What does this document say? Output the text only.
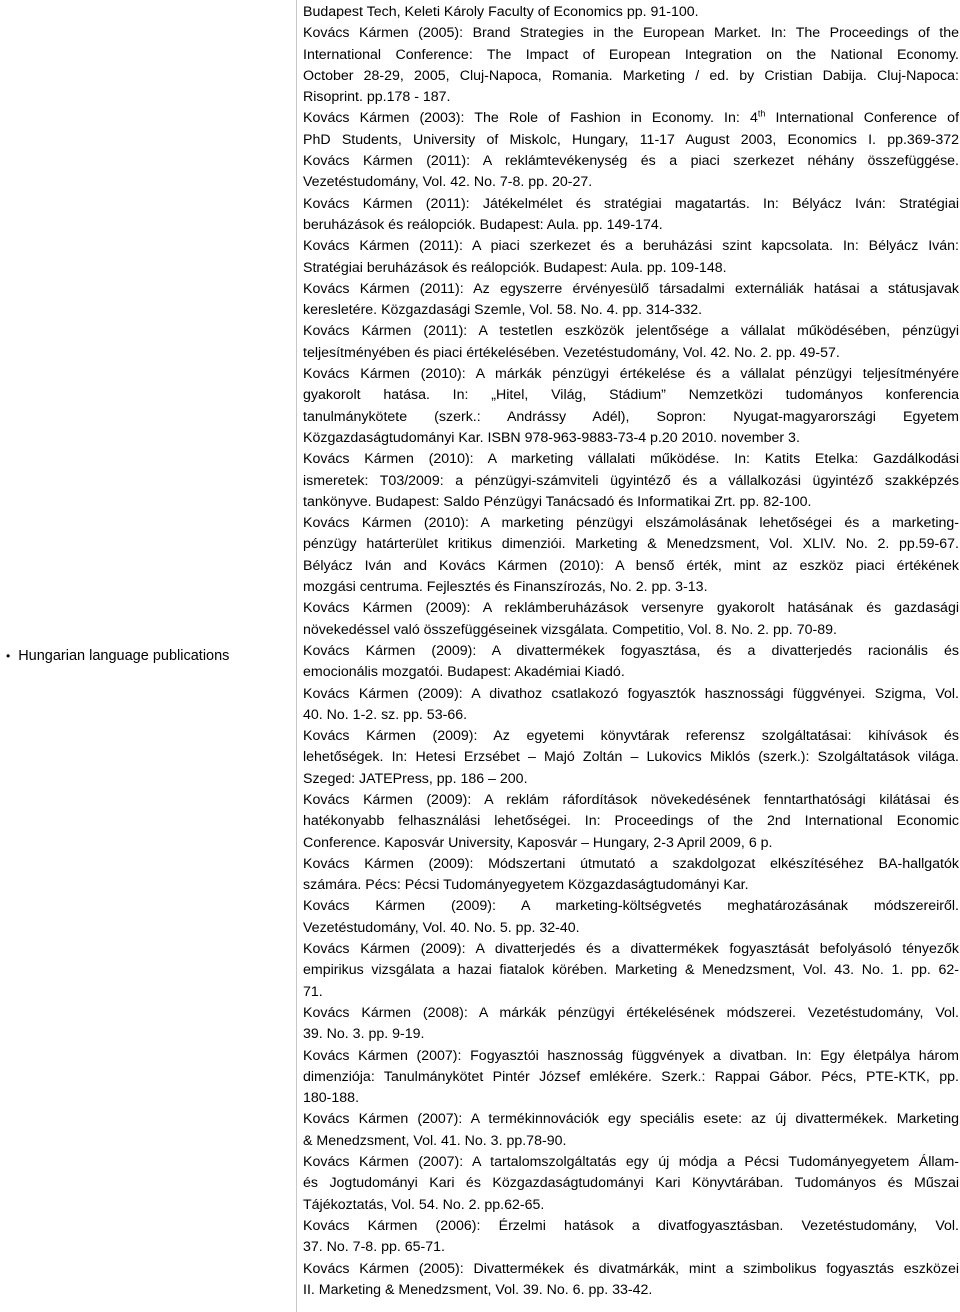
• Hungarian language publications
Budapest Tech, Keleti Károly Faculty of Economics pp. 91-100.
Kovács Kármen (2005): Brand Strategies in the European Market. In: The Proceedings of the
International Conference: The Impact of European Integration on the National Economy.
October 28-29, 2005, Cluj-Napoca, Romania. Marketing / ed. by Cristian Dabija. Cluj-Napoca:
Risoprint. pp.178 - 187.
Kovács Kármen (2003): The Role of Fashion in Economy. In: 4th International Conference of
PhD Students, University of Miskolc, Hungary, 11-17 August 2003, Economics I. pp.369-372
Kovács Kármen (2011): A reklámtevékenység és a piaci szerkezet néhány összefüggése.
Vezetéstudomány, Vol. 42. No. 7-8. pp. 20-27.
Kovács Kármen (2011): Játékelmélet és stratégiai magatartás. In: Bélyácz Iván: Stratégiai
beruházások és reálopciók. Budapest: Aula. pp. 149-174.
Kovács Kármen (2011): A piaci szerkezet és a beruházási szint kapcsolata. In: Bélyácz Iván:
Stratégiai beruházások és reálopciók. Budapest: Aula. pp. 109-148.
Kovács Kármen (2011): Az egyszerre érvényesülő társadalmi externáliák hatásai a státusjavak
keresletére. Közgazdasági Szemle, Vol. 58. No. 4. pp. 314-332.
Kovács Kármen (2011): A testetlen eszközök jelentősége a vállalat működésében, pénzügyi
teljesítményében és piaci értékelésében. Vezetéstudomány, Vol. 42. No. 2. pp. 49-57.
Kovács Kármen (2010): A márkák pénzügyi értékelése és a vállalat pénzügyi teljesítményére
gyakorolt hatása. In: „Hitel, Világ, Stádium” Nemzetközi tudományos konferencia
tanulmánykötete (szerk.: Andrássy Adél), Sopron: Nyugat-magyarországi Egyetem
Közgazdaságtudományi Kar. ISBN 978-963-9883-73-4 p.20 2010. november 3.
Kovács Kármen (2010): A marketing vállalati működése. In: Katits Etelka: Gazdálkodási
ismeretek: T03/2009: a pénzügyi-számviteli ügyintéző és a vállalkozási ügyintéző szakképzés
tankönyve. Budapest: Saldo Pénzügyi Tanácsadó és Informatikai Zrt. pp. 82-100.
Kovács Kármen (2010): A marketing pénzügyi elszámolásának lehetőségei és a marketing-
pénzügy határterület kritikus dimenziói. Marketing & Menedzsment, Vol. XLIV. No. 2. pp.59-67.
Bélyácz Iván and Kovács Kármen (2010): A benső érték, mint az eszköz piaci értékének
mozgási centruma. Fejlesztés és Finanszírozás, No. 2. pp. 3-13.
Kovács Kármen (2009): A reklámberuházások versenyre gyakorolt hatásának és gazdasági
növekedéssel való összefüggéseinek vizsgálata. Competitio, Vol. 8. No. 2. pp. 70-89.
Kovács Kármen (2009): A divattermékek fogyasztása, és a divatterjedés racionális és
emocionális mozgatói. Budapest: Akadémiai Kiadó.
Kovács Kármen (2009): A divathoz csatlakozó fogyasztók hasznossági függvényei. Szigma, Vol.
40. No. 1-2. sz. pp. 53-66.
Kovács Kármen (2009): Az egyetemi könyvtárak referensz szolgáltatásai: kihívások és
lehetőségek. In: Hetesi Erzsébet – Majó Zoltán – Lukovics Miklós (szerk.): Szolgáltatások világa.
Szeged: JATEPress, pp. 186 – 200.
Kovács Kármen (2009): A reklám ráfordítások növekedésének fenntarthatósági kilátásai és
hatékonyabb felhasználási lehetőségei. In: Proceedings of the 2nd International Economic
Conference. Kaposvár University, Kaposvár – Hungary, 2-3 April 2009, 6 p.
Kovács Kármen (2009): Módszertani útmutató a szakdolgozat elkészítéséhez BA-hallgatók
számára. Pécs: Pécsi Tudományegyetem Közgazdaságtudományi Kar.
Kovács Kármen (2009): A marketing-költségvetés meghatározásának módszereiről.
Vezetéstudomány, Vol. 40. No. 5. pp. 32-40.
Kovács Kármen (2009): A divatterjedés és a divattermékek fogyasztását befolyásoló tényezők
empirikus vizsgálata a hazai fiatalok körében. Marketing & Menedzsment, Vol. 43. No. 1. pp. 62-
71.
Kovács Kármen (2008): A márkák pénzügyi értékelésének módszerei. Vezetéstudomány, Vol.
39. No. 3. pp. 9-19.
Kovács Kármen (2007): Fogyasztói hasznosság függvények a divatban. In: Egy életpálya három
dimenziója: Tanulmánykötet Pintér József emlékére. Szerk.: Rappai Gábor. Pécs, PTE-KTK, pp.
180-188.
Kovács Kármen (2007): A termékinnovációk egy speciális esete: az új divattermékek. Marketing
& Menedzsment, Vol. 41. No. 3. pp.78-90.
Kovács Kármen (2007): A tartalomszolgáltatás egy új módja a Pécsi Tudományegyetem Állam-
és Jogtudományi Kari és Közgazdaságtudományi Kari Könyvtárában. Tudományos és Műszai
Tájékoztatás, Vol. 54. No. 2. pp.62-65.
Kovács Kármen (2006): Érzelmi hatások a divatfogyasztásban. Vezetéstudomány, Vol.
37. No. 7-8. pp. 65-71.
Kovács Kármen (2005): Divattermékek és divatmárkák, mint a szimbolikus fogyasztás eszközei
II. Marketing & Menedzsment, Vol. 39. No. 6. pp. 33-42.
